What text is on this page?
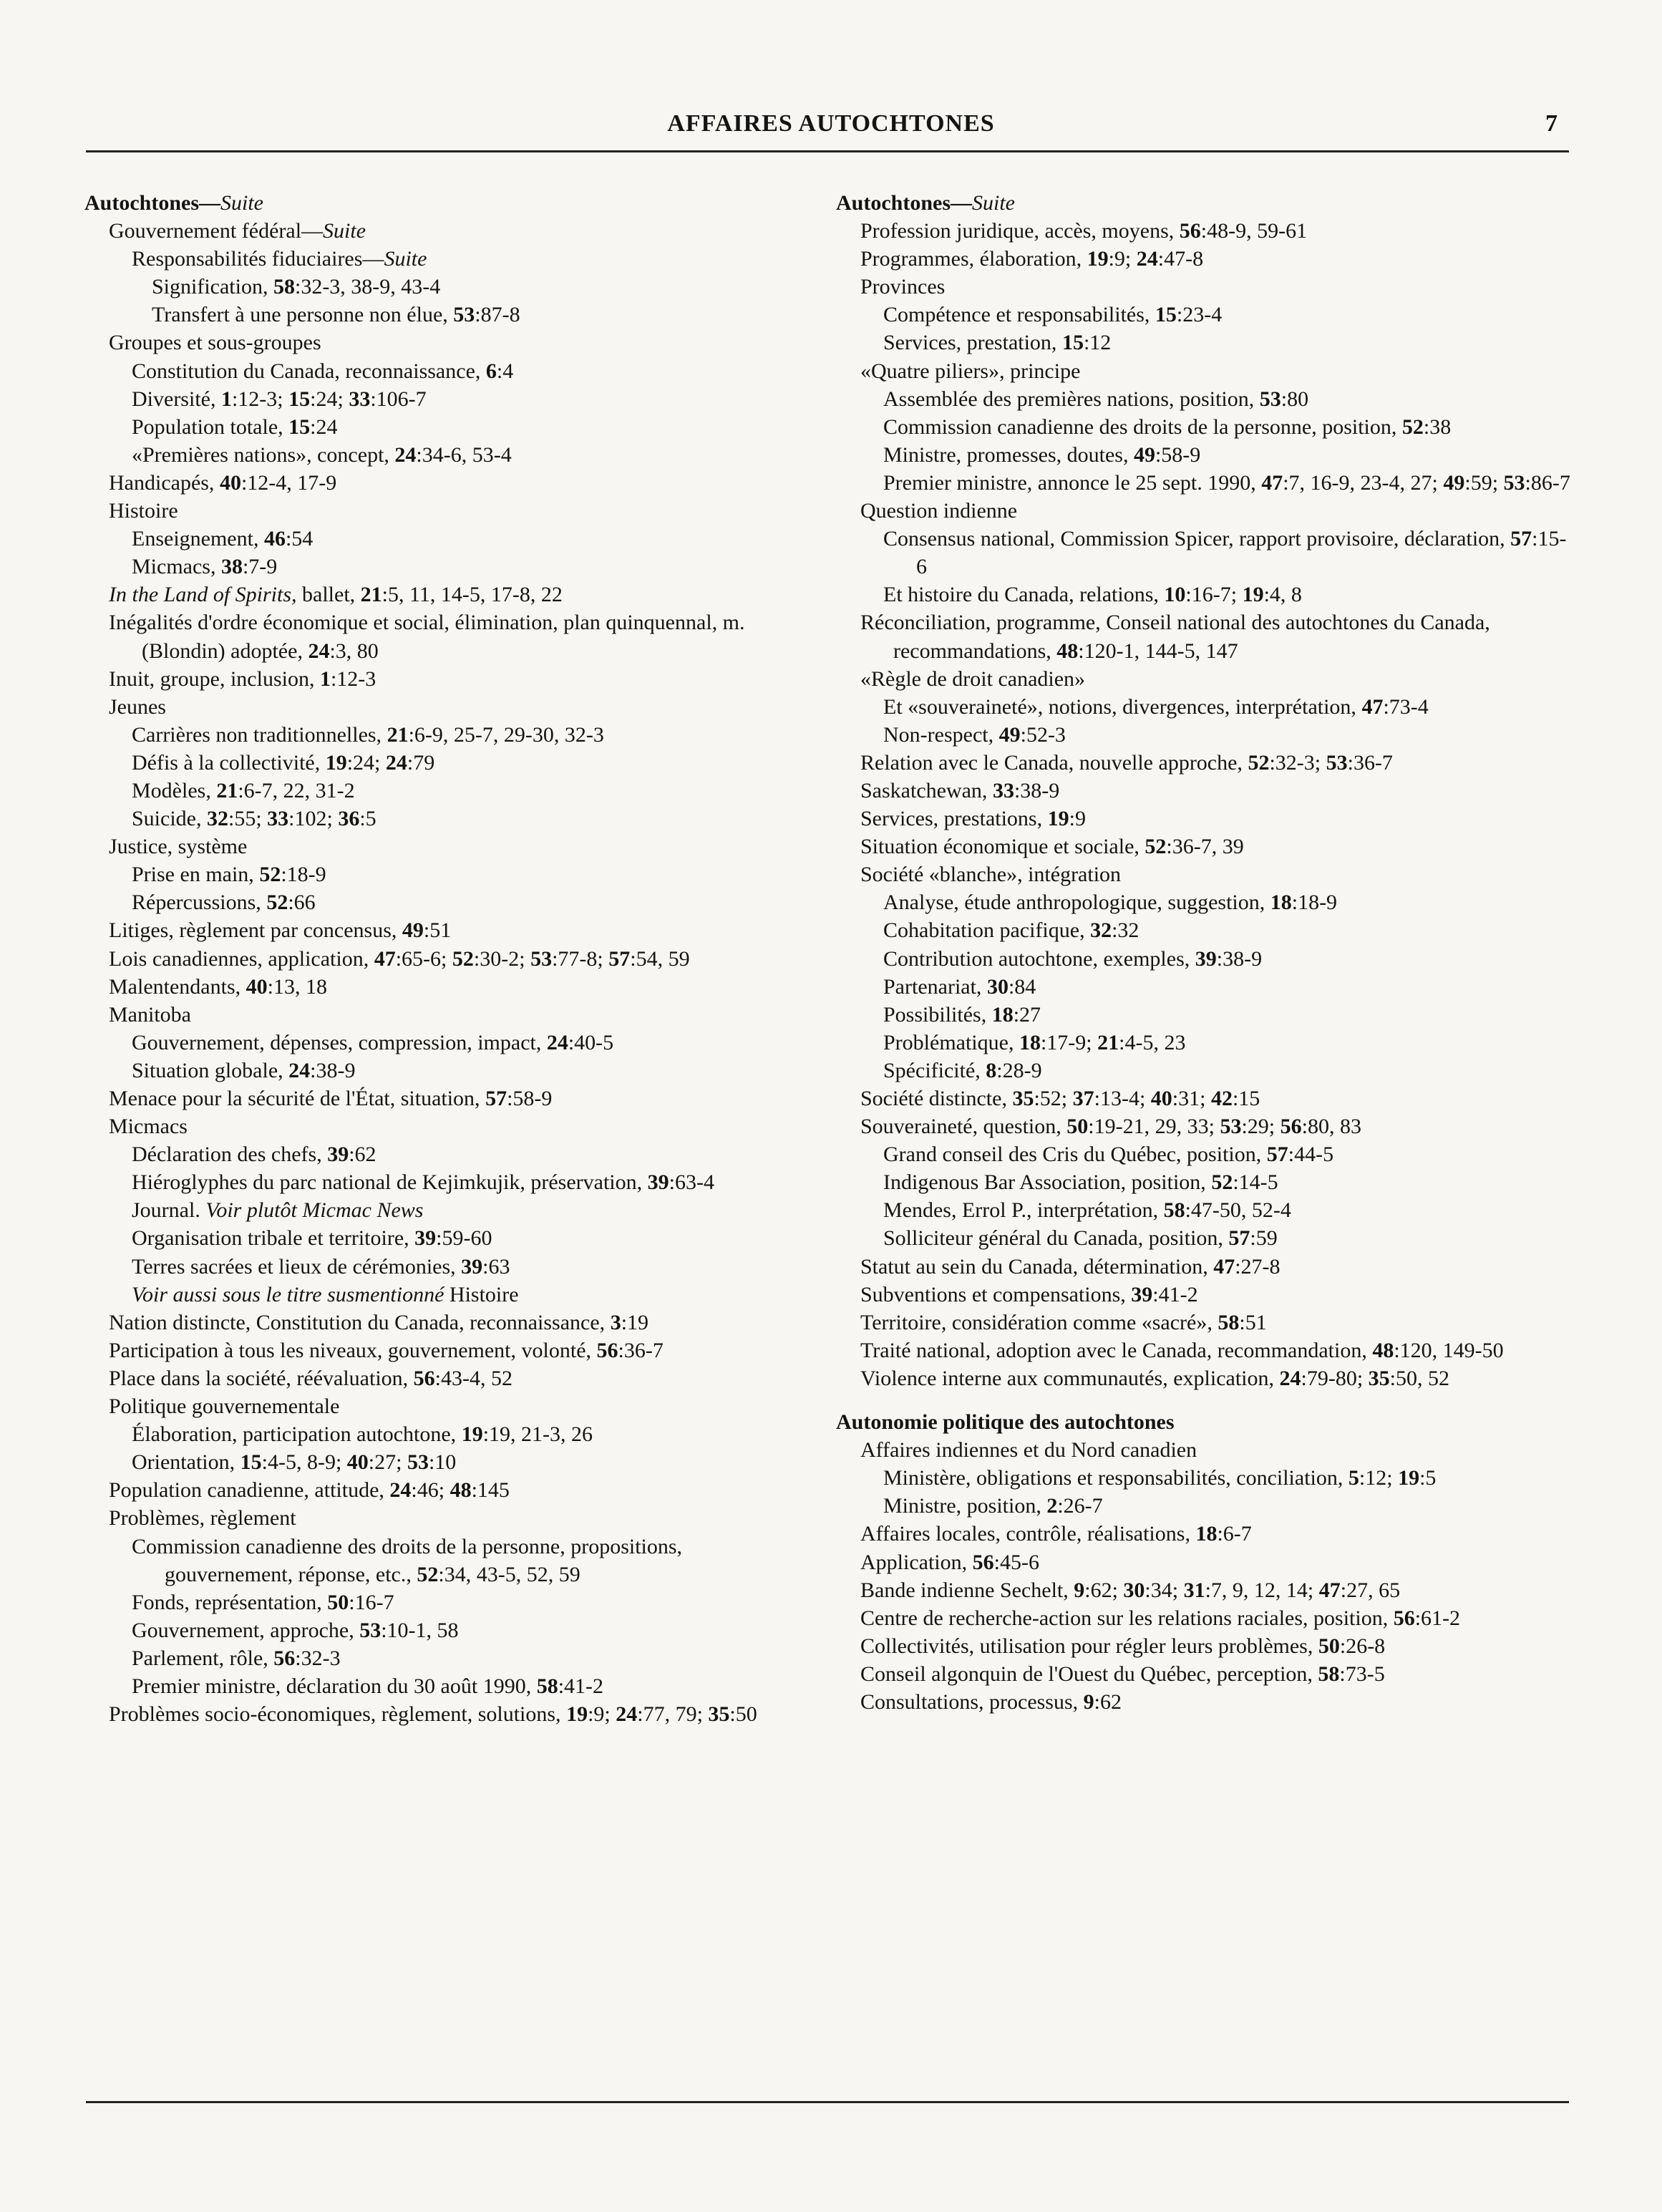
AFFAIRES AUTOCHTONES	7
Autochtones—Suite
Gouvernement fédéral—Suite
Responsabilités fiduciaires—Suite
Signification, 58:32-3, 38-9, 43-4
Transfert à une personne non élue, 53:87-8
Groupes et sous-groupes
Constitution du Canada, reconnaissance, 6:4
Diversité, 1:12-3; 15:24; 33:106-7
Population totale, 15:24
«Premières nations», concept, 24:34-6, 53-4
Handicapés, 40:12-4, 17-9
Histoire
Enseignement, 46:54
Micmacs, 38:7-9
In the Land of Spirits, ballet, 21:5, 11, 14-5, 17-8, 22
Inégalités d'ordre économique et social, élimination, plan quinquennal, m. (Blondin) adoptée, 24:3, 80
Inuit, groupe, inclusion, 1:12-3
Jeunes
Carrières non traditionnelles, 21:6-9, 25-7, 29-30, 32-3
Défis à la collectivité, 19:24; 24:79
Modèles, 21:6-7, 22, 31-2
Suicide, 32:55; 33:102; 36:5
Justice, système
Prise en main, 52:18-9
Répercussions, 52:66
Litiges, règlement par concensus, 49:51
Lois canadiennes, application, 47:65-6; 52:30-2; 53:77-8; 57:54, 59
Malentendants, 40:13, 18
Manitoba
Gouvernement, dépenses, compression, impact, 24:40-5
Situation globale, 24:38-9
Menace pour la sécurité de l'État, situation, 57:58-9
Micmacs
Déclaration des chefs, 39:62
Hiéroglyphes du parc national de Kejimkujik, préservation, 39:63-4
Journal. Voir plutôt Micmac News
Organisation tribale et territoire, 39:59-60
Terres sacrées et lieux de cérémonies, 39:63
Voir aussi sous le titre susmentionné Histoire
Nation distincte, Constitution du Canada, reconnaissance, 3:19
Participation à tous les niveaux, gouvernement, volonté, 56:36-7
Place dans la société, réévaluation, 56:43-4, 52
Politique gouvernementale
Élaboration, participation autochtone, 19:19, 21-3, 26
Orientation, 15:4-5, 8-9; 40:27; 53:10
Population canadienne, attitude, 24:46; 48:145
Problèmes, règlement
Commission canadienne des droits de la personne, propositions, gouvernement, réponse, etc., 52:34, 43-5, 52, 59
Fonds, représentation, 50:16-7
Gouvernement, approche, 53:10-1, 58
Parlement, rôle, 56:32-3
Premier ministre, déclaration du 30 août 1990, 58:41-2
Problèmes socio-économiques, règlement, solutions, 19:9; 24:77, 79; 35:50
Autochtones—Suite
Profession juridique, accès, moyens, 56:48-9, 59-61
Programmes, élaboration, 19:9; 24:47-8
Provinces
Compétence et responsabilités, 15:23-4
Services, prestation, 15:12
«Quatre piliers», principe
Assemblée des premières nations, position, 53:80
Commission canadienne des droits de la personne, position, 52:38
Ministre, promesses, doutes, 49:58-9
Premier ministre, annonce le 25 sept. 1990, 47:7, 16-9, 23-4, 27; 49:59; 53:86-7
Question indienne
Consensus national, Commission Spicer, rapport provisoire, déclaration, 57:15-6
Et histoire du Canada, relations, 10:16-7; 19:4, 8
Réconciliation, programme, Conseil national des autochtones du Canada, recommandations, 48:120-1, 144-5, 147
«Règle de droit canadien»
Et «souveraineté», notions, divergences, interprétation, 47:73-4
Non-respect, 49:52-3
Relation avec le Canada, nouvelle approche, 52:32-3; 53:36-7
Saskatchewan, 33:38-9
Services, prestations, 19:9
Situation économique et sociale, 52:36-7, 39
Société «blanche», intégration
Analyse, étude anthropologique, suggestion, 18:18-9
Cohabitation pacifique, 32:32
Contribution autochtone, exemples, 39:38-9
Partenariat, 30:84
Possibilités, 18:27
Problématique, 18:17-9; 21:4-5, 23
Spécificité, 8:28-9
Société distincte, 35:52; 37:13-4; 40:31; 42:15
Souveraineté, question, 50:19-21, 29, 33; 53:29; 56:80, 83
Grand conseil des Cris du Québec, position, 57:44-5
Indigenous Bar Association, position, 52:14-5
Mendes, Errol P., interprétation, 58:47-50, 52-4
Solliciteur général du Canada, position, 57:59
Statut au sein du Canada, détermination, 47:27-8
Subventions et compensations, 39:41-2
Territoire, considération comme «sacré», 58:51
Traité national, adoption avec le Canada, recommandation, 48:120, 149-50
Violence interne aux communautés, explication, 24:79-80; 35:50, 52
Autonomie politique des autochtones
Affaires indiennes et du Nord canadien
Ministère, obligations et responsabilités, conciliation, 5:12; 19:5
Ministre, position, 2:26-7
Affaires locales, contrôle, réalisations, 18:6-7
Application, 56:45-6
Bande indienne Sechelt, 9:62; 30:34; 31:7, 9, 12, 14; 47:27, 65
Centre de recherche-action sur les relations raciales, position, 56:61-2
Collectivités, utilisation pour régler leurs problèmes, 50:26-8
Conseil algonquin de l'Ouest du Québec, perception, 58:73-5
Consultations, processus, 9:62
